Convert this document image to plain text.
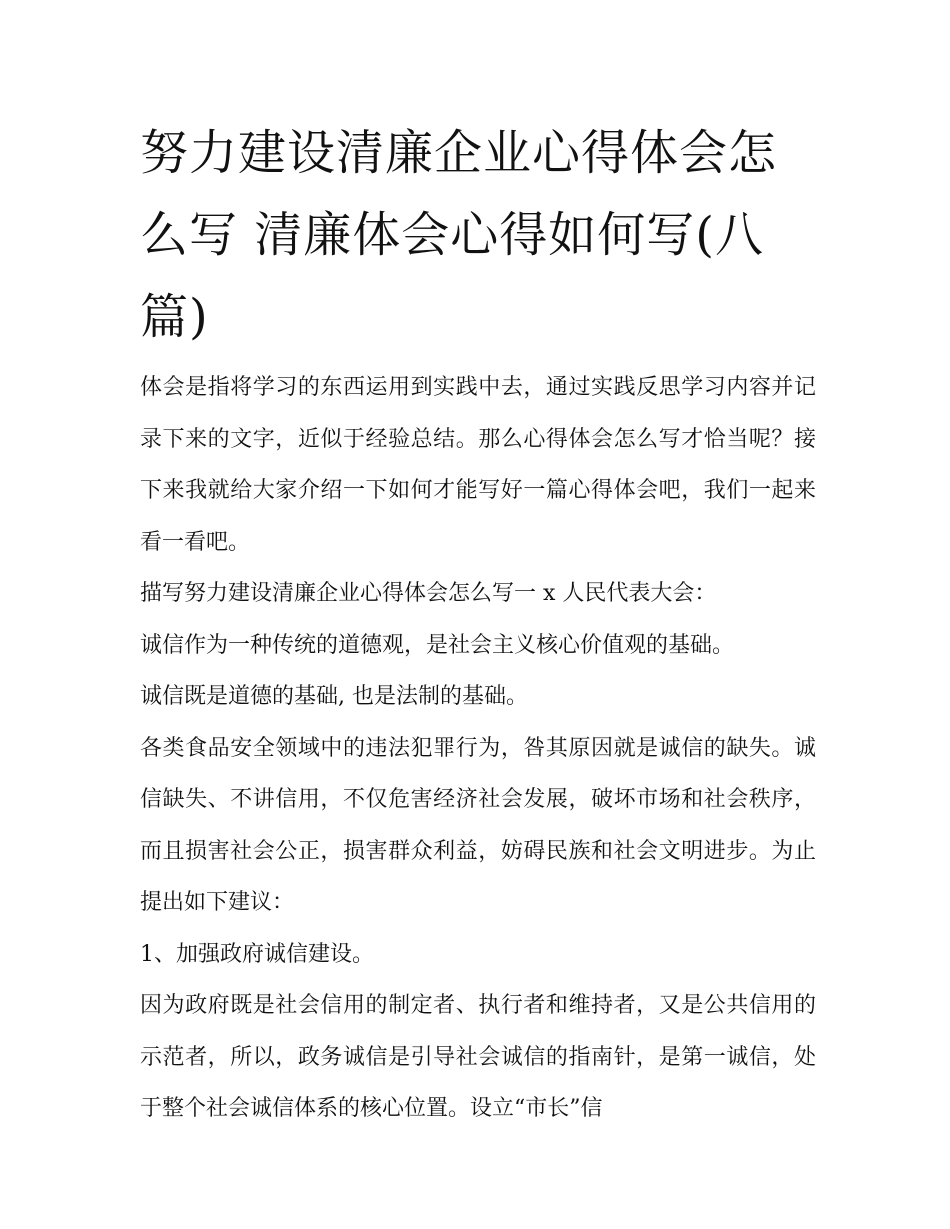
努力建设清廉企业心得体会怎么写 清廉体会心得如何写(八篇)

体会是指将学习的东西运用到实践中去，通过实践反思学习内容并记录下来的文字，近似于经验总结。那么心得体会怎么写才恰当呢？接下来我就给大家介绍一下如何才能写好一篇心得体会吧，我们一起来看一看吧。

描写努力建设清廉企业心得体会怎么写一 x 人民代表大会：

诚信作为一种传统的道德观，是社会主义核心价值观的基础。

诚信既是道德的基础, 也是法制的基础。

各类食品安全领域中的违法犯罪行为，咎其原因就是诚信的缺失。诚信缺失、不讲信用，不仅危害经济社会发展，破坏市场和社会秩序，而且损害社会公正，损害群众利益，妨碍民族和社会文明进步。为止提出如下建议：

1、加强政府诚信建设。

因为政府既是社会信用的制定者、执行者和维持者，又是公共信用的示范者，所以，政务诚信是引导社会诚信的指南针，是第一诚信，处于整个社会诚信体系的核心位置。设立“市长”信
